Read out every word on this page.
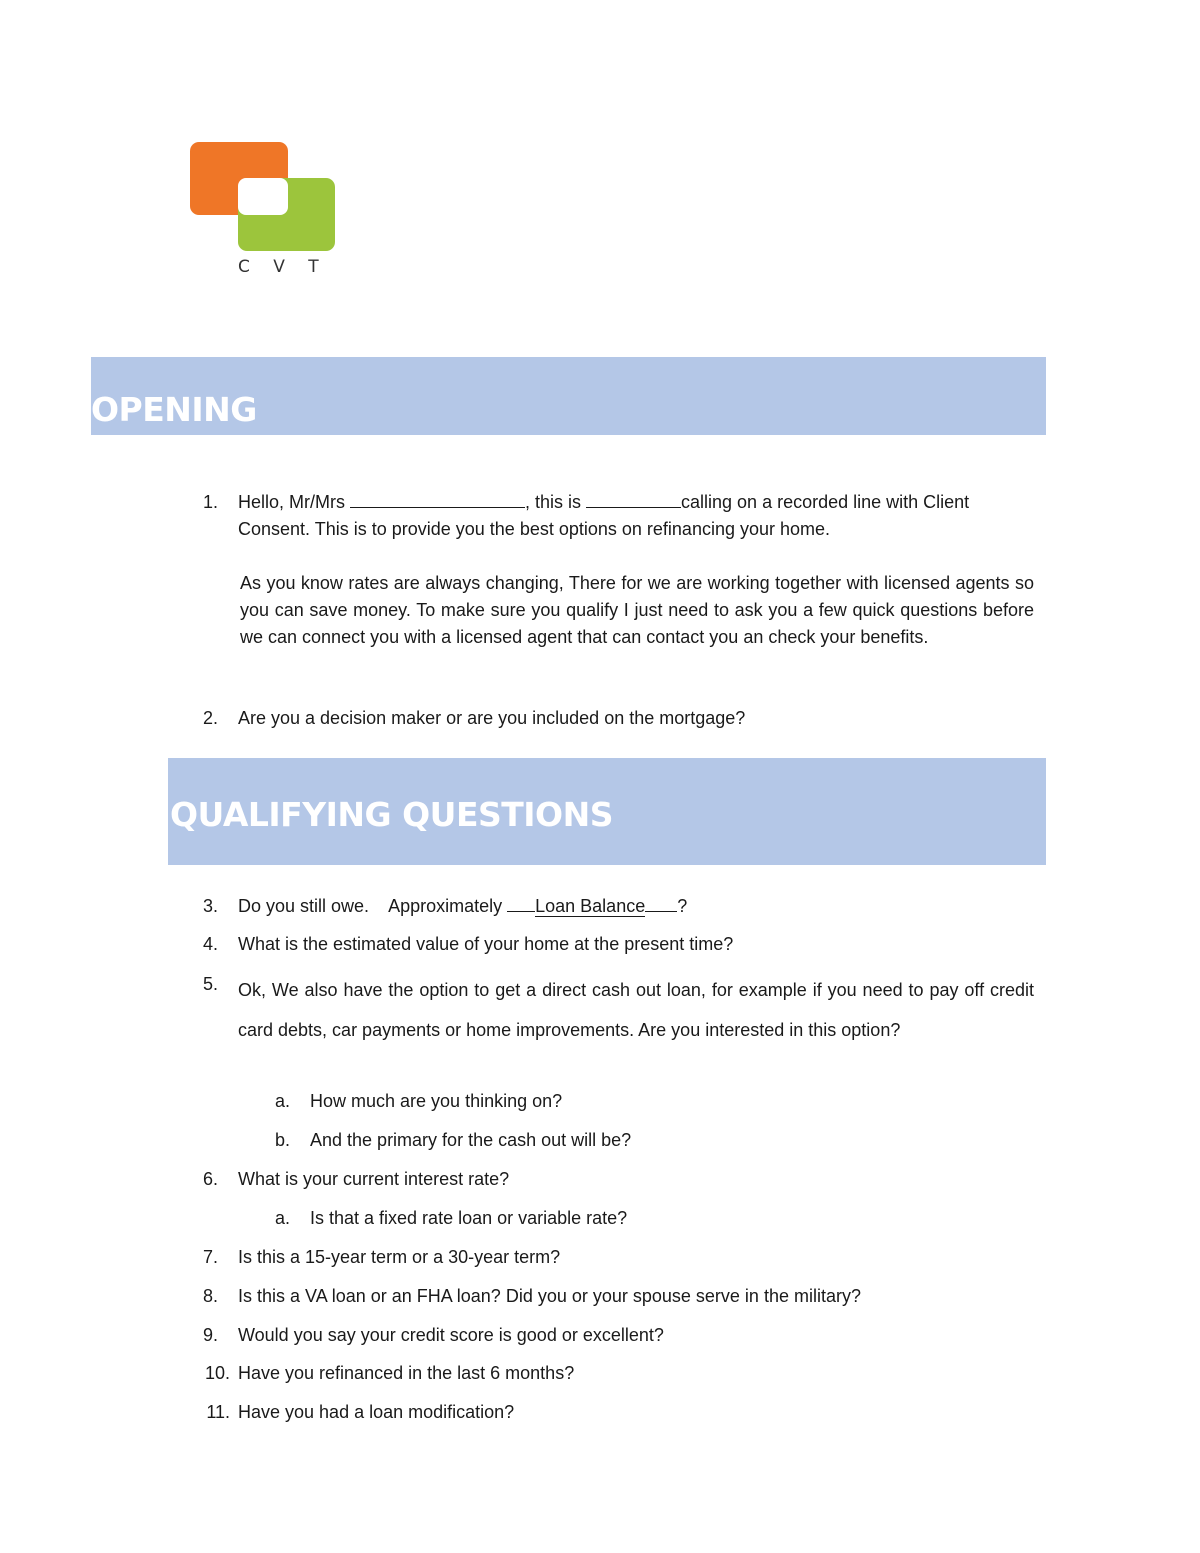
C V T
OPENING
1. Hello, Mr/Mrs	, this is	calling on a recorded line with Client
Consent. This is to provide you the best options on refinancing your home.
As you know rates are always changing, There for we are working together with licensed agents so you can save money. To make sure you qualify I just need to ask you a few quick questions before we can connect you with a licensed agent that can contact you an check your benefits.
2. Are you a decision maker or are you included on the mortgage?
QUALIFYING QUESTIONS
3. Do you still owe.    Approximately Loan Balance ?
4. What is the estimated value of your home at the present time?
5. Ok, We also have the option to get a direct cash out loan, for example if you need to pay off credit card debts, car payments or home improvements. Are you interested in this option?
a. How much are you thinking on?
b. And the primary for the cash out will be?
6. What is your current interest rate?
a. Is that a fixed rate loan or variable rate?
7. Is this a 15-year term or a 30-year term?
8. Is this a VA loan or an FHA loan? Did you or your spouse serve in the military?
9. Would you say your credit score is good or excellent?
10. Have you refinanced in the last 6 months?
11. Have you had a loan modification?
